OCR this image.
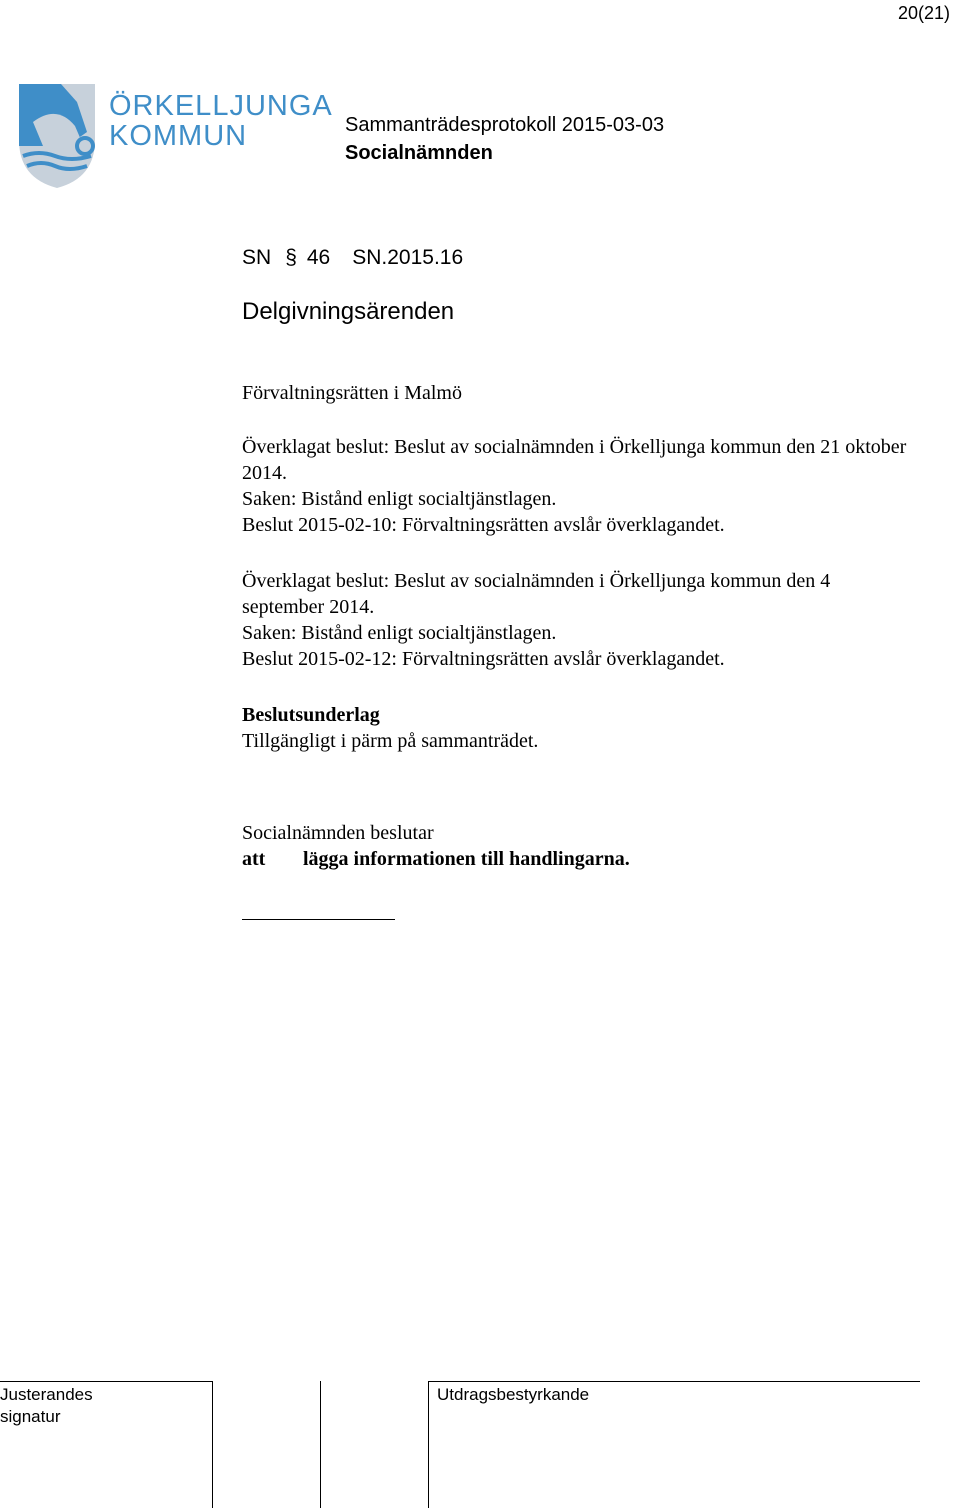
20(21)
ÖRKELLJUNGA
KOMMUN	Sammanträdesprotokoll 2015-03-03
Socialnämnden
SN § 46 SN.2015.16
Delgivningsärenden

Förvaltningsrätten i Malmö

Överklagat beslut: Beslut av socialnämnden i Örkelljunga kommun den 21 oktober 2014.

Saken: Bistånd enligt socialtjänstlagen.

Beslut 2015-02-10: Förvaltningsrätten avslår överklagandet.

Överklagat beslut: Beslut av socialnämnden i Örkelljunga kommun den 4 september 2014.

Saken: Bistånd enligt socialtjänstlagen.

Beslut 2015-02-12: Förvaltningsrätten avslår överklagandet.

Beslutsunderlag

Tillgängligt i pärm på sammanträdet.

Socialnämnden beslutar

att	lägga informationen till handlingarna.
Justerandes
signatur
Utdragsbestyrkande
